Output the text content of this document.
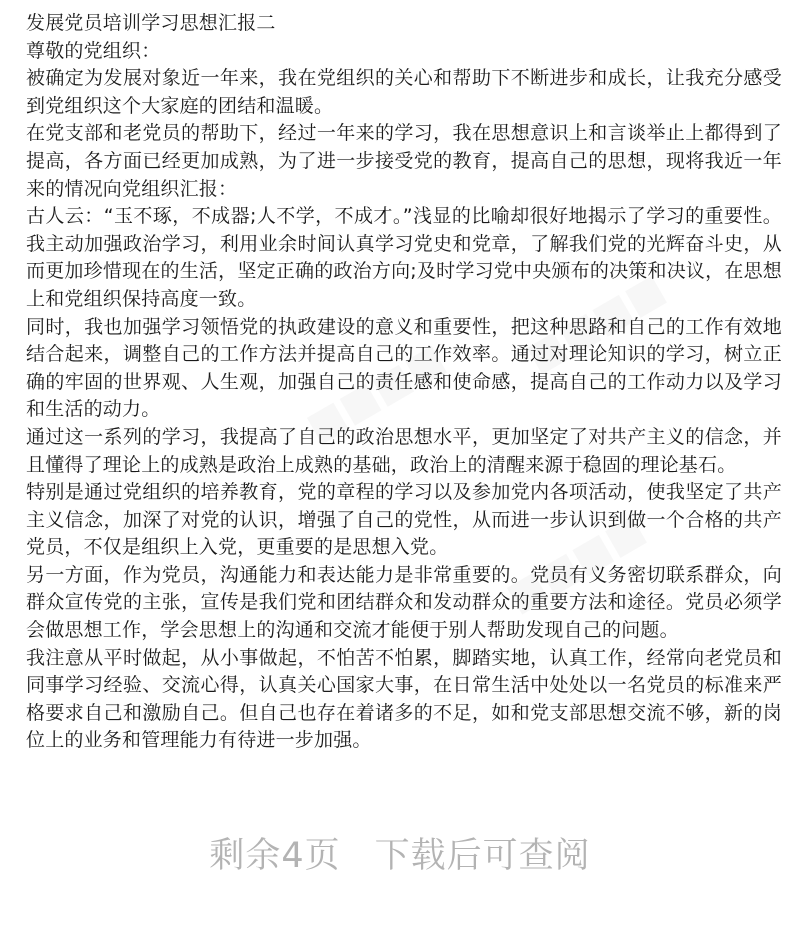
■■■■
■■■■
■■■■

发展党员培训学习思想汇报二

尊敬的党组织：

被确定为发展对象近一年来，我在党组织的关心和帮助下不断进步和成长，让我充分感受到党组织这个大家庭的团结和温暖。

在党支部和老党员的帮助下，经过一年来的学习，我在思想意识上和言谈举止上都得到了提高，各方面已经更加成熟，为了进一步接受党的教育，提高自己的思想，现将我近一年来的情况向党组织汇报：

古人云：“玉不琢，不成器;人不学，不成才。”浅显的比喻却很好地揭示了学习的重要性。我主动加强政治学习，利用业余时间认真学习党史和党章，了解我们党的光辉奋斗史，从而更加珍惜现在的生活，坚定正确的政治方向;及时学习党中央颁布的决策和决议，在思想上和党组织保持高度一致。

同时，我也加强学习领悟党的执政建设的意义和重要性，把这种思路和自己的工作有效地结合起来，调整自己的工作方法并提高自己的工作效率。通过对理论知识的学习，树立正确的牢固的世界观、人生观，加强自己的责任感和使命感，提高自己的工作动力以及学习和生活的动力。

通过这一系列的学习，我提高了自己的政治思想水平，更加坚定了对共产主义的信念，并且懂得了理论上的成熟是政治上成熟的基础，政治上的清醒来源于稳固的理论基石。

特别是通过党组织的培养教育，党的章程的学习以及参加党内各项活动，使我坚定了共产主义信念，加深了对党的认识，增强了自己的党性，从而进一步认识到做一个合格的共产党员，不仅是组织上入党，更重要的是思想入党。

另一方面，作为党员，沟通能力和表达能力是非常重要的。党员有义务密切联系群众，向群众宣传党的主张，宣传是我们党和团结群众和发动群众的重要方法和途径。党员必须学会做思想工作，学会思想上的沟通和交流才能便于别人帮助发现自己的问题。

我注意从平时做起，从小事做起，不怕苦不怕累，脚踏实地，认真工作，经常向老党员和同事学习经验、交流心得，认真关心国家大事，在日常生活中处处以一名党员的标准来严格要求自己和激励自己。但自己也存在着诸多的不足，如和党支部思想交流不够，新的岗位上的业务和管理能力有待进一步加强。

剩余4页 下载后可查阅
